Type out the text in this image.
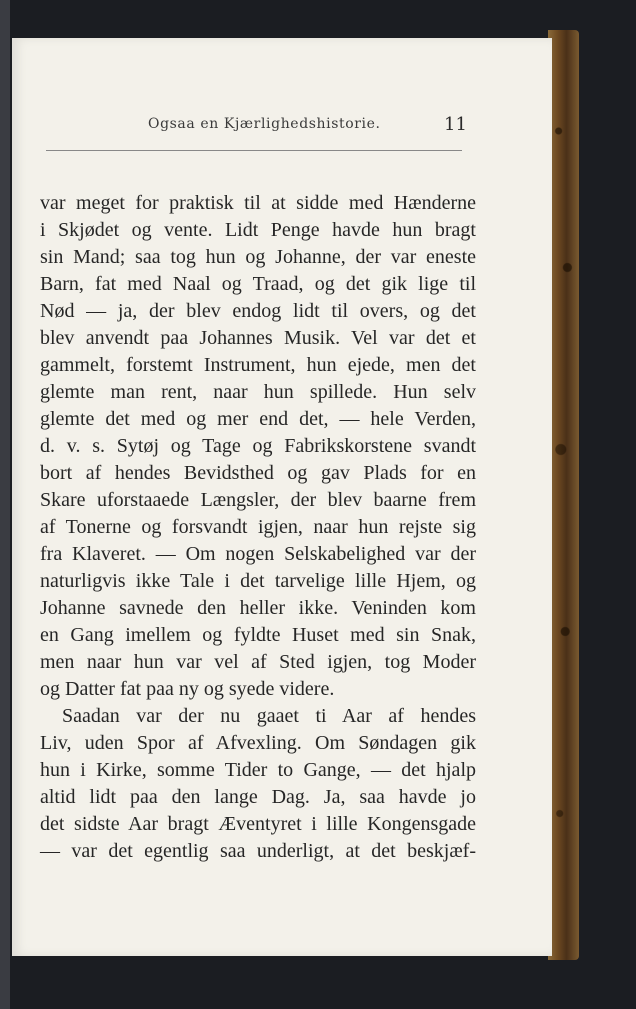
Ogsaa en Kjærlighedshistorie.	11
var meget for praktisk til at sidde med Hænderne
i Skjødet og vente. Lidt Penge havde hun bragt
sin Mand; saa tog hun og Johanne, der var eneste
Barn, fat med Naal og Traad, og det gik lige til
Nød — ja, der blev endog lidt til overs, og det
blev anvendt paa Johannes Musik. Vel var det et
gammelt, forstemt Instrument, hun ejede, men det
glemte man rent, naar hun spillede. Hun selv
glemte det med og mer end det, — hele Verden,
d. v. s. Sytøj og Tage og Fabrikskorstene svandt
bort af hendes Bevidsthed og gav Plads for en
Skare uforstaaede Længsler, der blev baarne frem
af Tonerne og forsvandt igjen, naar hun rejste sig
fra Klaveret. — Om nogen Selskabelighed var der
naturligvis ikke Tale i det tarvelige lille Hjem, og
Johanne savnede den heller ikke. Veninden kom
en Gang imellem og fyldte Huset med sin Snak,
men naar hun var vel af Sted igjen, tog Moder
og Datter fat paa ny og syede videre.
Saadan var der nu gaaet ti Aar af hendes
Liv, uden Spor af Afvexling. Om Søndagen gik
hun i Kirke, somme Tider to Gange, — det hjalp
altid lidt paa den lange Dag. Ja, saa havde jo
det sidste Aar bragt Æventyret i lille Kongensgade
— var det egentlig saa underligt, at det beskjæf-
